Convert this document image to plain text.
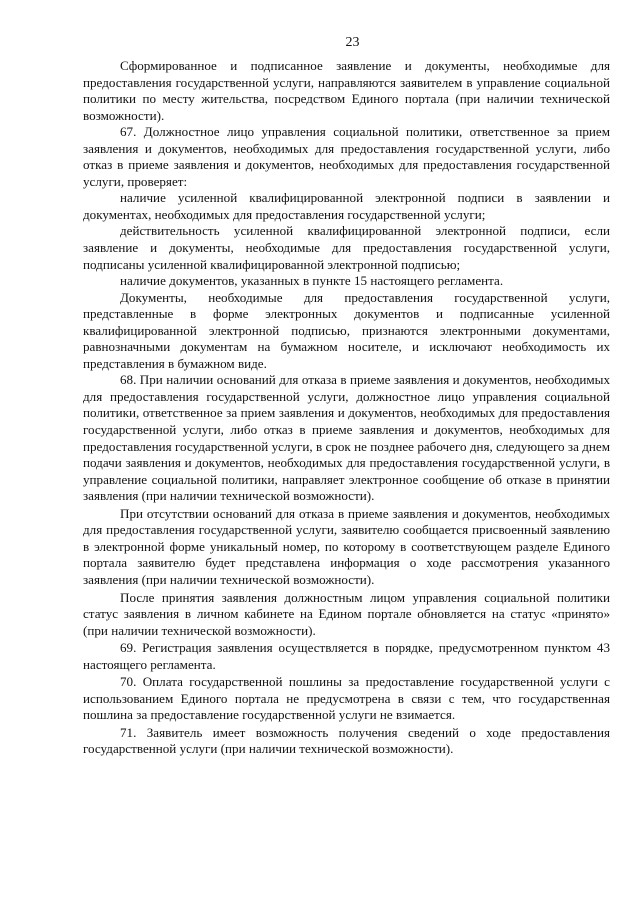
23

Сформированное и подписанное заявление и документы, необходимые для предоставления государственной услуги, направляются заявителем в управление социальной политики по месту жительства, посредством Единого портала (при наличии технической возможности).

67. Должностное лицо управления социальной политики, ответственное за прием заявления и документов, необходимых для предоставления государственной услуги, либо отказ в приеме заявления и документов, необходимых для предоставления государственной услуги, проверяет:

наличие усиленной квалифицированной электронной подписи в заявлении и документах, необходимых для предоставления государственной услуги;

действительность усиленной квалифицированной электронной подписи, если заявление и документы, необходимые для предоставления государственной услуги, подписаны усиленной квалифицированной электронной подписью;

наличие документов, указанных в пункте 15 настоящего регламента.

Документы, необходимые для предоставления государственной услуги, представленные в форме электронных документов и подписанные усиленной квалифицированной электронной подписью, признаются электронными документами, равнозначными документам на бумажном носителе, и исключают необходимость их представления в бумажном виде.

68. При наличии оснований для отказа в приеме заявления и документов, необходимых для предоставления государственной услуги, должностное лицо управления социальной политики, ответственное за прием заявления и документов, необходимых для предоставления государственной услуги, либо отказ в приеме заявления и документов, необходимых для предоставления государственной услуги, в срок не позднее рабочего дня, следующего за днем подачи заявления и документов, необходимых для предоставления государственной услуги, в управление социальной политики, направляет электронное сообщение об отказе в принятии заявления (при наличии технической возможности).

При отсутствии оснований для отказа в приеме заявления и документов, необходимых для предоставления государственной услуги, заявителю сообщается присвоенный заявлению в электронной форме уникальный номер, по которому в соответствующем разделе Единого портала заявителю будет представлена информация о ходе рассмотрения указанного заявления (при наличии технической возможности).

После принятия заявления должностным лицом управления социальной политики статус заявления в личном кабинете на Едином портале обновляется на статус «принято» (при наличии технической возможности).

69. Регистрация заявления осуществляется в порядке, предусмотренном пунктом 43 настоящего регламента.

70. Оплата государственной пошлины за предоставление государственной услуги с использованием Единого портала не предусмотрена в связи с тем, что государственная пошлина за предоставление государственной услуги не взимается.

71. Заявитель имеет возможность получения сведений о ходе предоставления государственной услуги (при наличии технической возможности).
